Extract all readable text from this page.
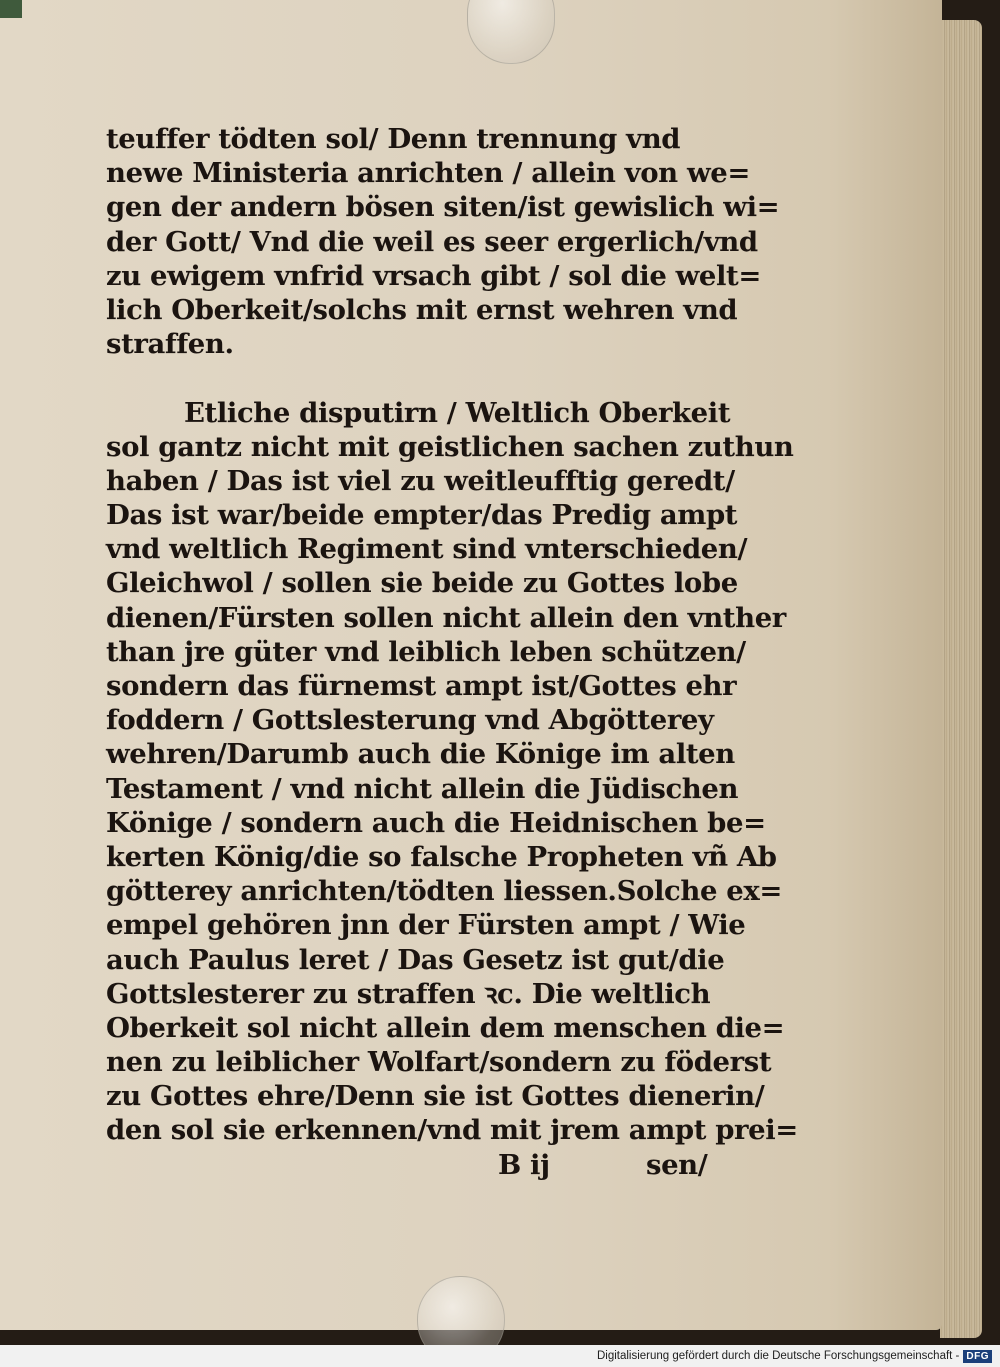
teuffer tödten sol/ Denn trennung vnd
newe Ministeria anrichten / allein von we=
gen der andern bösen siten/ist gewislich wi=
der Gott/ Vnd die weil es seer ergerlich/vnd
zu ewigem vnfrid vrsach gibt / sol die welt=
lich Oberkeit/solchs mit ernst wehren vnd
straffen.
Etliche disputirn / Weltlich Oberkeit
sol gantz nicht mit geistlichen sachen zuthun
haben / Das ist viel zu weitleufftig geredt/
Das ist war/beide empter/das Predig ampt
vnd weltlich Regiment sind vnterschieden/
Gleichwol / sollen sie beide zu Gottes lobe
dienen/Fürsten sollen nicht allein den vnther
than jre güter vnd leiblich leben schützen/
sondern das fürnemst ampt ist/Gottes ehr
foddern / Gottslesterung vnd Abgötterey
wehren/Darumb auch die Könige im alten
Testament / vnd nicht allein die Jüdischen
Könige / sondern auch die Heidnischen be=
kerten König/die so falsche Propheten vñ Ab
götterey anrichten/tödten liessen.Solche ex=
empel gehören jnn der Fürsten ampt / Wie
auch Paulus leret / Das Gesetz ist gut/die
Gottslesterer zu straffen ꝛc. Die weltlich
Oberkeit sol nicht allein dem menschen die=
nen zu leiblicher Wolfart/sondern zu föderst
zu Gottes ehre/Denn sie ist Gottes dienerin/
den sol sie erkennen/vnd mit jrem ampt prei=
B ij	sen/
Digitalisierung gefördert durch die Deutsche Forschungsgemeinschaft - DFG
